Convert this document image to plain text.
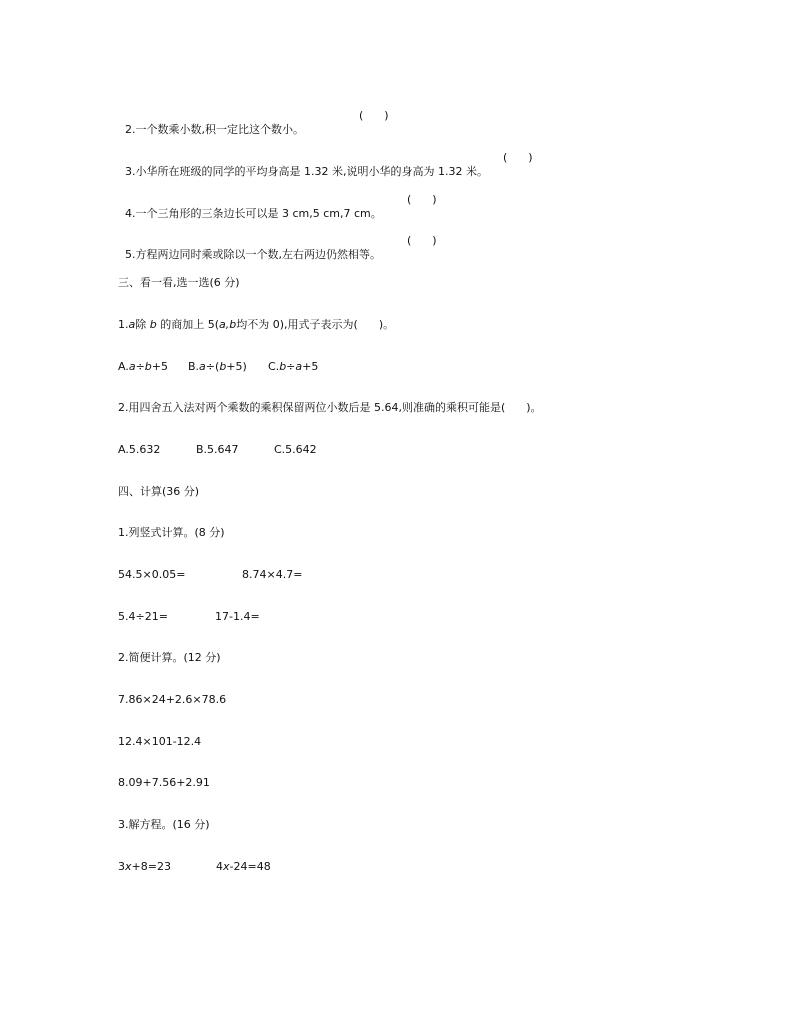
2.一个数乘小数,积一定比这个数小。

(      )

3.小华所在班级的同学的平均身高是 1.32 米,说明小华的身高为 1.32 米。

(      )

4.一个三角形的三条边长可以是 3 cm,5 cm,7 cm。

(      )

5.方程两边同时乘或除以一个数,左右两边仍然相等。

(      )

三、看一看,选一选(6 分)
1.a除 b 的商加上 5(a,b均不为 0),用式子表示为(      )。

A.a÷b+5

B.a÷(b+5)

C.b÷a+5

2.用四舍五入法对两个乘数的乘积保留两位小数后是 5.64,则准确的乘积可能是(      )。

A.5.632

	B.5.647

	C.5.642

四、计算(36 分)
1.列竖式计算。(8 分)

54.5×0.05=

	8.74×4.7=

5.4÷21=

	17-1.4=

2.简便计算。(12 分)
7.86×24+2.6×78.6
12.4×101-12.4
8.09+7.56+2.91
3.解方程。(16 分)

3x+8=23

	4x-24=48
